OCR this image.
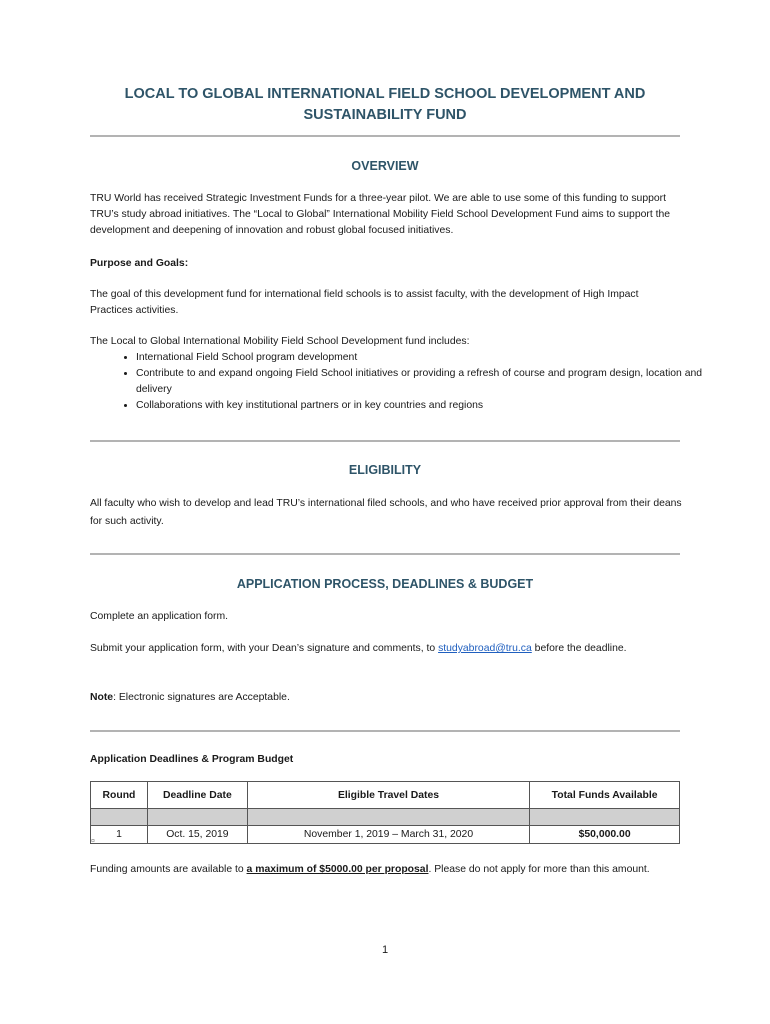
LOCAL TO GLOBAL INTERNATIONAL FIELD SCHOOL DEVELOPMENT AND
SUSTAINABILITY FUND
OVERVIEW

TRU World has received Strategic Investment Funds for a three-year pilot. We are able to use some of this funding to support TRU’s study abroad initiatives. The “Local to Global” International Mobility Field School Development Fund aims to support the development and deepening of innovation and robust global focused initiatives.

Purpose and Goals:

The goal of this development fund for international field schools is to assist faculty, with the development of High Impact Practices activities.

The Local to Global International Mobility Field School Development fund includes:

• International Field School program development
• Contribute to and expand ongoing Field School initiatives or providing a refresh of course and program design, location and delivery
• Collaborations with key institutional partners or in key countries and regions
ELIGIBILITY

All faculty who wish to develop and lead TRU’s international filed schools, and who have received prior approval from their deans for such activity.

APPLICATION PROCESS, DEADLINES & BUDGET

Complete an application form.

Submit your application form, with your Dean’s signature and comments, to studyabroad@tru.ca before the deadline.

Note: Electronic signatures are Acceptable.

Application Deadlines & Program Budget

Round	Deadline Date	Eligible Travel Dates	Total Funds Available

1	Oct. 15, 2019	November 1, 2019 – March 31, 2020	$50,000.00
¤

Funding amounts are available to a maximum of $5000.00 per proposal. Please do not apply for more than this amount.

1
